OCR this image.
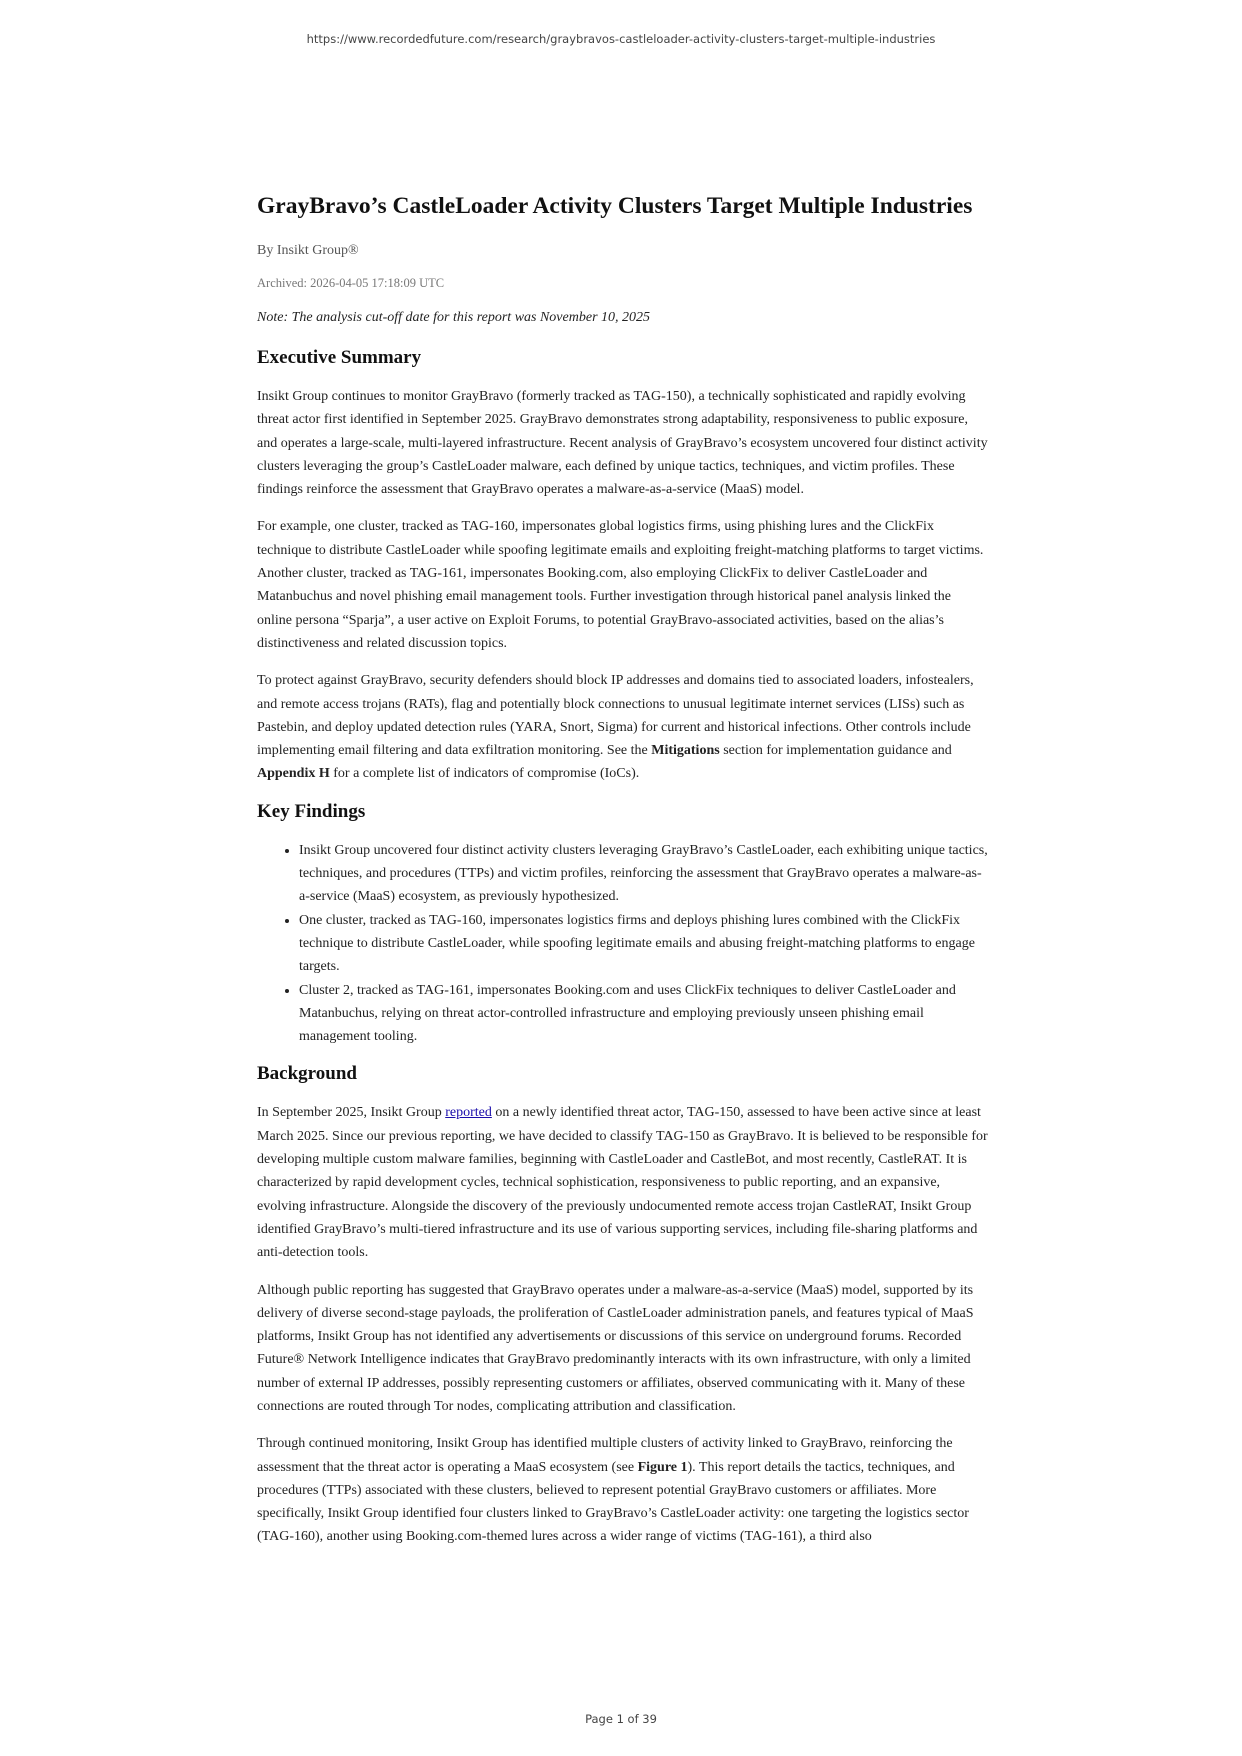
https://www.recordedfuture.com/research/graybravos-castleloader-activity-clusters-target-multiple-industries
GrayBravo’s CastleLoader Activity Clusters Target Multiple Industries
By Insikt Group®
Archived: 2026-04-05 17:18:09 UTC
Note: The analysis cut-off date for this report was November 10, 2025
Executive Summary

Insikt Group continues to monitor GrayBravo (formerly tracked as TAG-150), a technically sophisticated and rapidly evolving threat actor first identified in September 2025. GrayBravo demonstrates strong adaptability, responsiveness to public exposure, and operates a large-scale, multi-layered infrastructure. Recent analysis of GrayBravo’s ecosystem uncovered four distinct activity clusters leveraging the group’s CastleLoader malware, each defined by unique tactics, techniques, and victim profiles. These findings reinforce the assessment that GrayBravo operates a malware-as-a-service (MaaS) model.

For example, one cluster, tracked as TAG-160, impersonates global logistics firms, using phishing lures and the ClickFix technique to distribute CastleLoader while spoofing legitimate emails and exploiting freight-matching platforms to target victims. Another cluster, tracked as TAG-161, impersonates Booking.com, also employing ClickFix to deliver CastleLoader and Matanbuchus and novel phishing email management tools. Further investigation through historical panel analysis linked the online persona “Sparja”, a user active on Exploit Forums, to potential GrayBravo-associated activities, based on the alias’s distinctiveness and related discussion topics.

To protect against GrayBravo, security defenders should block IP addresses and domains tied to associated loaders, infostealers, and remote access trojans (RATs), flag and potentially block connections to unusual legitimate internet services (LISs) such as Pastebin, and deploy updated detection rules (YARA, Snort, Sigma) for current and historical infections. Other controls include implementing email filtering and data exfiltration monitoring. See the Mitigations section for implementation guidance and Appendix H for a complete list of indicators of compromise (IoCs).

Key Findings
• Insikt Group uncovered four distinct activity clusters leveraging GrayBravo’s CastleLoader, each exhibiting unique tactics, techniques, and procedures (TTPs) and victim profiles, reinforcing the assessment that GrayBravo operates a malware-as-a-service (MaaS) ecosystem, as previously hypothesized.
• One cluster, tracked as TAG-160, impersonates logistics firms and deploys phishing lures combined with the ClickFix technique to distribute CastleLoader, while spoofing legitimate emails and abusing freight-matching platforms to engage targets.
• Cluster 2, tracked as TAG-161, impersonates Booking.com and uses ClickFix techniques to deliver CastleLoader and Matanbuchus, relying on threat actor-controlled infrastructure and employing previously unseen phishing email management tooling.
Background

In September 2025, Insikt Group reported on a newly identified threat actor, TAG-150, assessed to have been active since at least March 2025. Since our previous reporting, we have decided to classify TAG-150 as GrayBravo. It is believed to be responsible for developing multiple custom malware families, beginning with CastleLoader and CastleBot, and most recently, CastleRAT. It is characterized by rapid development cycles, technical sophistication, responsiveness to public reporting, and an expansive, evolving infrastructure. Alongside the discovery of the previously undocumented remote access trojan CastleRAT, Insikt Group identified GrayBravo’s multi-tiered infrastructure and its use of various supporting services, including file-sharing platforms and anti-detection tools.

Although public reporting has suggested that GrayBravo operates under a malware-as-a-service (MaaS) model, supported by its delivery of diverse second-stage payloads, the proliferation of CastleLoader administration panels, and features typical of MaaS platforms, Insikt Group has not identified any advertisements or discussions of this service on underground forums. Recorded Future® Network Intelligence indicates that GrayBravo predominantly interacts with its own infrastructure, with only a limited number of external IP addresses, possibly representing customers or affiliates, observed communicating with it. Many of these connections are routed through Tor nodes, complicating attribution and classification.

Through continued monitoring, Insikt Group has identified multiple clusters of activity linked to GrayBravo, reinforcing the assessment that the threat actor is operating a MaaS ecosystem (see Figure 1). This report details the tactics, techniques, and procedures (TTPs) associated with these clusters, believed to represent potential GrayBravo customers or affiliates. More specifically, Insikt Group identified four clusters linked to GrayBravo’s CastleLoader activity: one targeting the logistics sector (TAG-160), another using Booking.com-themed lures across a wider range of victims (TAG-161), a third also

Page 1 of 39
